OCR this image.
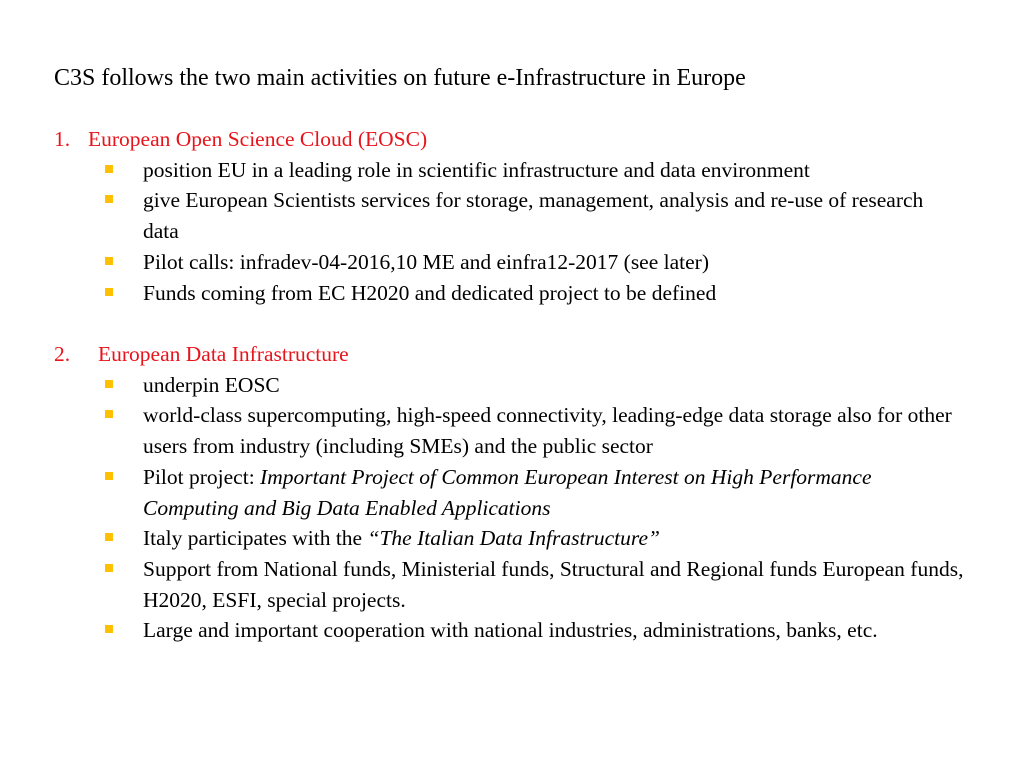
C3S follows the two main activities on future e-Infrastructure in Europe
1. European Open Science Cloud (EOSC)
position EU in a leading role in scientific infrastructure and data environment
give European Scientists services for storage, management, analysis and re-use of research data
Pilot calls: infradev-04-2016,10 ME and einfra12-2017 (see later)
Funds coming from EC H2020 and dedicated project to be defined
2. European Data Infrastructure
underpin EOSC
world-class supercomputing, high-speed connectivity, leading-edge data storage also for other users from industry (including SMEs) and the public sector
Pilot project: Important Project of Common European Interest on High Performance Computing and Big Data Enabled Applications
Italy participates with the “The Italian Data Infrastructure”
Support from National funds, Ministerial funds, Structural and Regional funds European funds, H2020, ESFI, special projects.
Large and important cooperation with national industries, administrations, banks, etc.
